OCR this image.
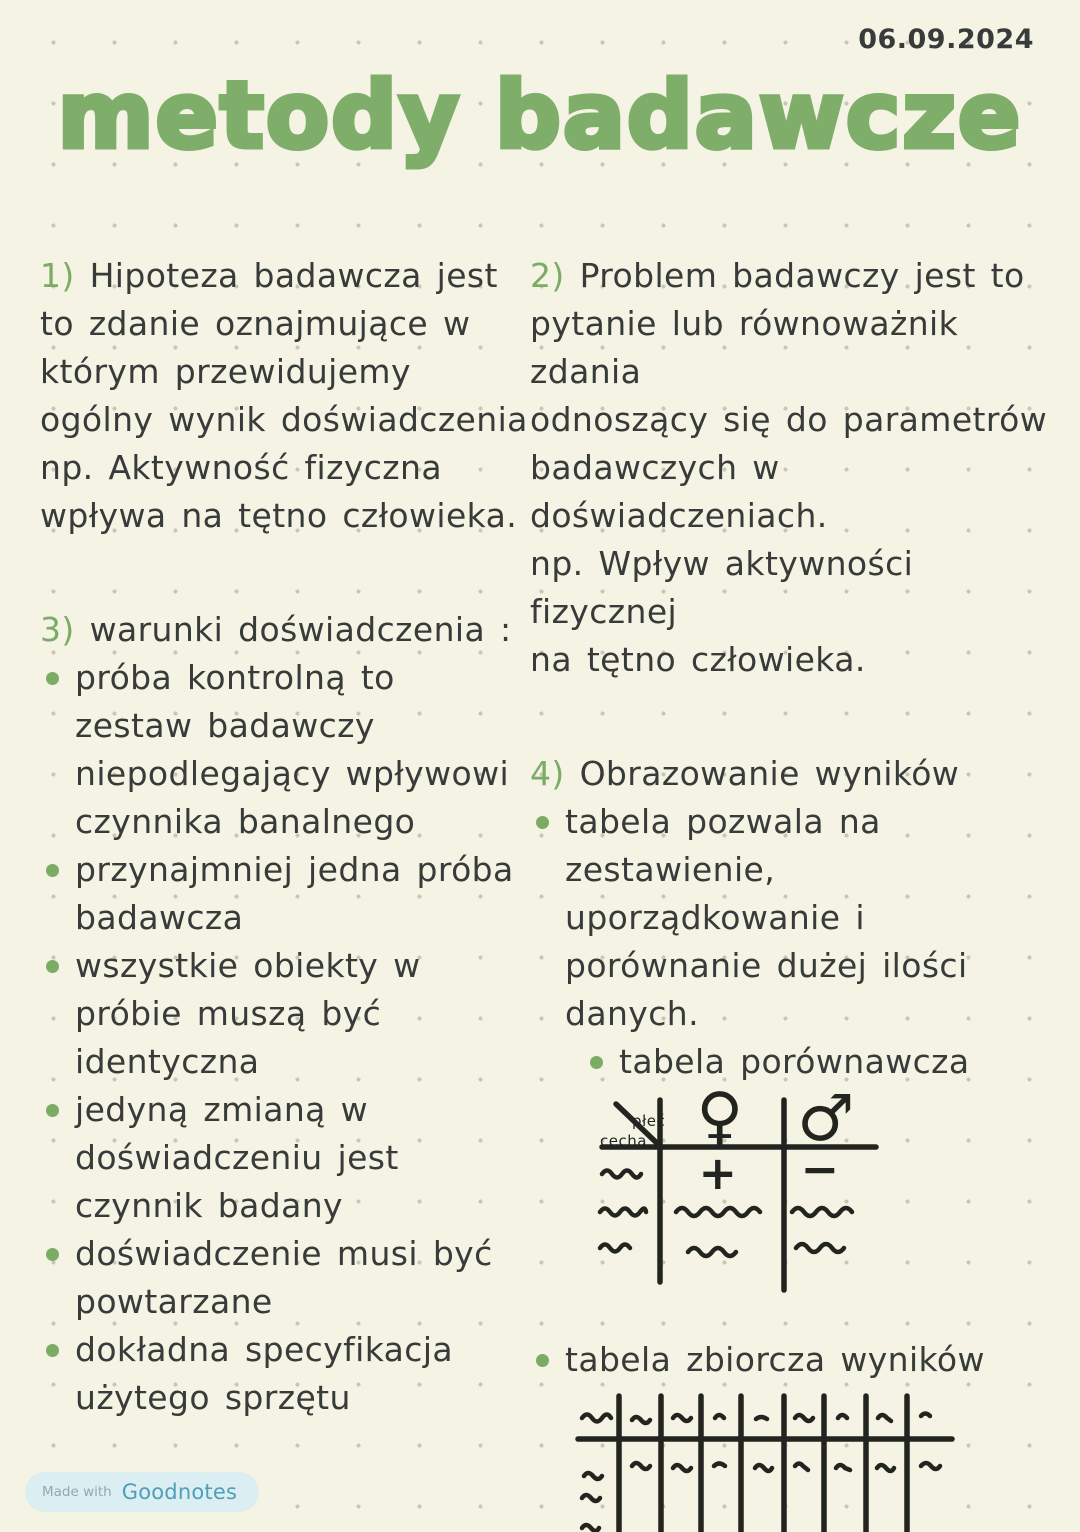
06.09.2024
metody badawcze
1) Hipoteza badawcza jest
to zdanie oznajmujące w
którym przewidujemy
ogólny wynik doświadczenia
np. Aktywność fizyczna
wpływa na tętno człowieka.
3) warunki doświadczenia :
próba kontrolną to
zestaw badawczy
niepodlegający wpływowi
czynnika banalnego
przynajmniej jedna próba
badawcza
wszystkie obiekty w
próbie muszą być
identyczna
jedyną zmianą w
doświadczeniu jest
czynnik badany
doświadczenie musi być
powtarzane
dokładna specyfikacja
użytego sprzętu
2) Problem badawczy jest to
pytanie lub równoważnik zdania
odnoszący się do parametrów
badawczych w doświadczeniach.
np. Wpływ aktywności fizycznej
na tętno człowieka.
4) Obrazowanie wyników
tabela pozwala na
zestawienie,
uporządkowanie i
porównanie dużej ilości
danych.
tabela porównawcza
płeć
cecha ♀ ♂
+ −
tabela zbiorcza wyników
Made with Goodnotes
